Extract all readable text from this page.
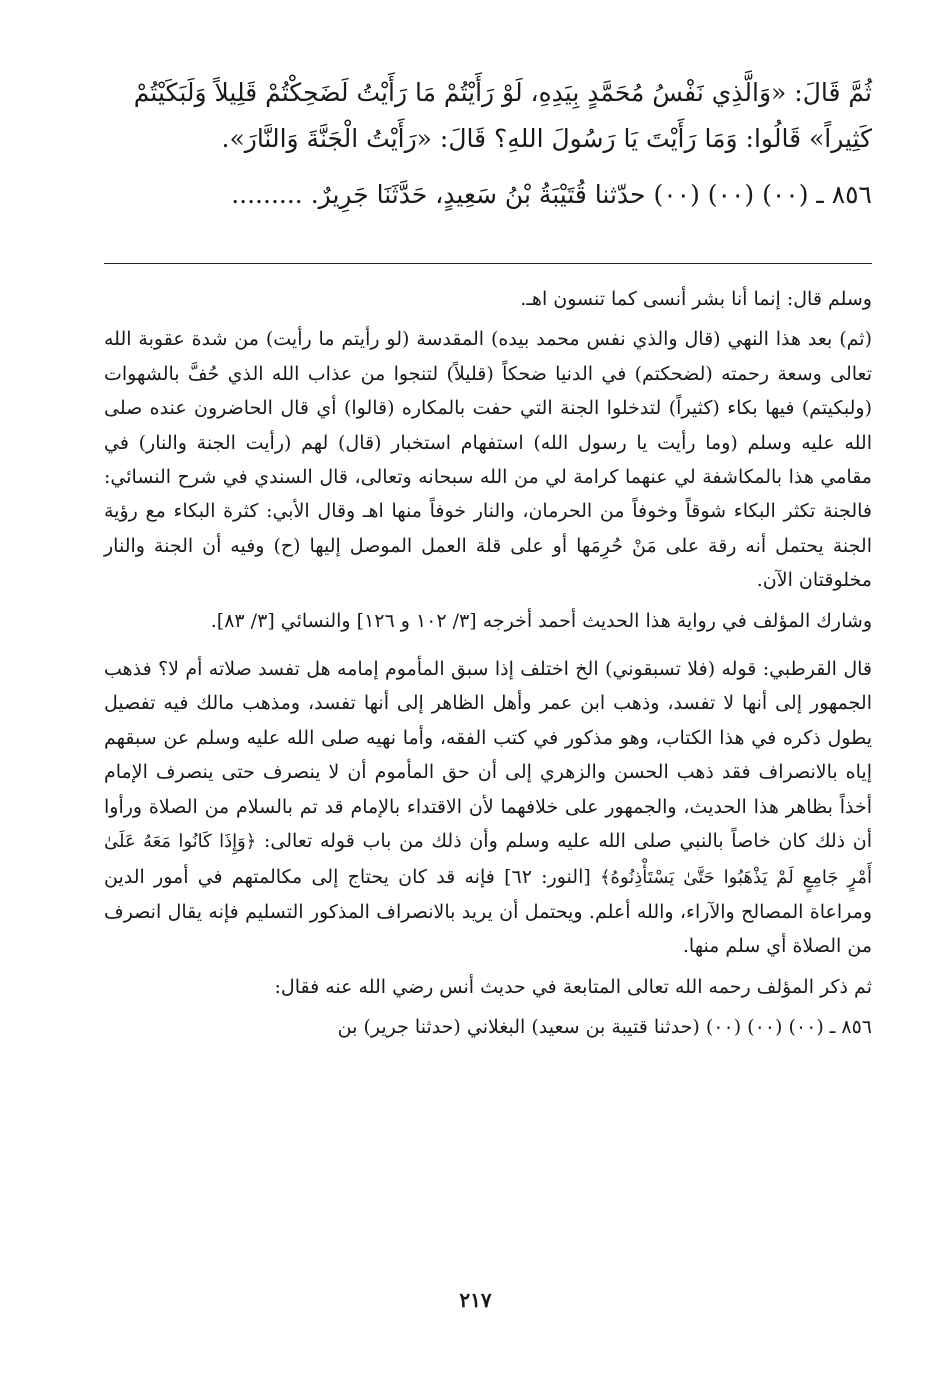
ثُمَّ قَالَ: «وَالَّذِي نَفْسُ مُحَمَّدٍ بِيَدِهِ، لَوْ رَأَيْتُمْ مَا رَأَيْتُ لَضَحِكْتُمْ قَلِيلاً وَلَبَكَيْتُمْ

كَثِيراً» قَالُوا: وَمَا رَأَيْتَ يَا رَسُولَ اللهِ؟ قَالَ: «رَأَيْتُ الْجَنَّةَ وَالنَّارَ».

٨٥٦ ـ (٠٠) (٠٠) (٠٠) حدّثنا قُتَيْبَةُ بْنُ سَعِيدٍ، حَدَّثَنَا جَرِيرٌ. .........

وسلم قال: إنما أنا بشر أنسى كما تنسون اهـ.

(ثم) بعد هذا النهي (قال والذي نفس محمد بيده) المقدسة (لو رأيتم ما رأيت) من شدة عقوبة الله تعالى وسعة رحمته (لضحكتم) في الدنيا ضحكاً (قليلاً) لتنجوا من عذاب الله الذي حُفَّ بالشهوات (ولبكيتم) فيها بكاء (كثيراً) لتدخلوا الجنة التي حفت بالمكاره (قالوا) أي قال الحاضرون عنده صلى الله عليه وسلم (وما رأيت يا رسول الله) استفهام استخبار (قال) لهم (رأيت الجنة والنار) في مقامي هذا بالمكاشفة لي عنهما كرامة لي من الله سبحانه وتعالى، قال السندي في شرح النسائي: فالجنة تكثر البكاء شوقاً وخوفاً من الحرمان، والنار خوفاً منها اهـ وقال الأبي: كثرة البكاء مع رؤية الجنة يحتمل أنه رقة على مَنْ حُرِمَها أو على قلة العمل الموصل إليها (ح) وفيه أن الجنة والنار مخلوقتان الآن.

وشارك المؤلف في رواية هذا الحديث أحمد أخرجه [٣/ ١٠٢ و ١٢٦] والنسائي [٣/ ٨٣].

قال القرطبي: قوله (فلا تسبقوني) الخ اختلف إذا سبق المأموم إمامه هل تفسد صلاته أم لا؟ فذهب الجمهور إلى أنها لا تفسد، وذهب ابن عمر وأهل الظاهر إلى أنها تفسد، ومذهب مالك فيه تفصيل يطول ذكره في هذا الكتاب، وهو مذكور في كتب الفقه، وأما نهيه صلى الله عليه وسلم عن سبقهم إياه بالانصراف فقد ذهب الحسن والزهري إلى أن حق المأموم أن لا ينصرف حتى ينصرف الإمام أخذاً بظاهر هذا الحديث، والجمهور على خلافهما لأن الاقتداء بالإمام قد تم بالسلام من الصلاة ورأوا أن ذلك كان خاصاً بالنبي صلى الله عليه وسلم وأن ذلك من باب قوله تعالى: ﴿وَإِذَا كَانُوا مَعَهُ عَلَىٰ أَمْرٍ جَامِعٍ لَمْ يَذْهَبُوا حَتَّىٰ يَسْتَأْذِنُوهُ﴾ [النور: ٦٢] فإنه قد كان يحتاج إلى مكالمتهم في أمور الدين ومراعاة المصالح والآراء، والله أعلم. ويحتمل أن يريد بالانصراف المذكور التسليم فإنه يقال انصرف من الصلاة أي سلم منها.

ثم ذكر المؤلف رحمه الله تعالى المتابعة في حديث أنس رضي الله عنه فقال:

٨٥٦ ـ (٠٠) (٠٠) (٠٠) (حدثنا قتيبة بن سعيد) البغلاني (حدثنا جرير) بن

٢١٧
